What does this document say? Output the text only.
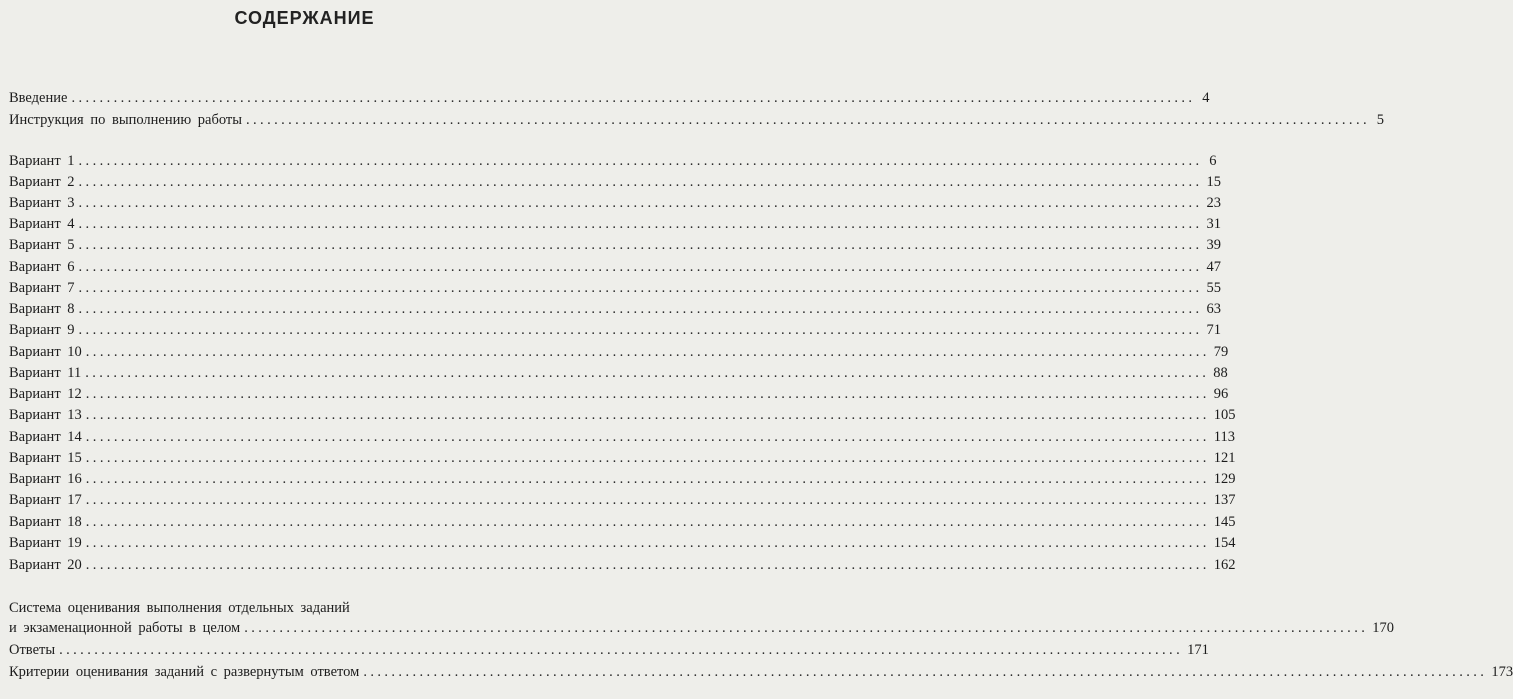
СОДЕРЖАНИЕ
Введение ................................................................................................................................................................ 4
Инструкция по выполнению работы ................................................................................................................................................................ 5
Вариант 1 ................................................................................................................................................................ 6
Вариант 2 ................................................................................................................................................................ 15
Вариант 3 ................................................................................................................................................................ 23
Вариант 4 ................................................................................................................................................................ 31
Вариант 5 ................................................................................................................................................................ 39
Вариант 6 ................................................................................................................................................................ 47
Вариант 7 ................................................................................................................................................................ 55
Вариант 8 ................................................................................................................................................................ 63
Вариант 9 ................................................................................................................................................................ 71
Вариант 10 ................................................................................................................................................................ 79
Вариант 11 ................................................................................................................................................................ 88
Вариант 12 ................................................................................................................................................................ 96
Вариант 13 ................................................................................................................................................................ 105
Вариант 14 ................................................................................................................................................................ 113
Вариант 15 ................................................................................................................................................................ 121
Вариант 16 ................................................................................................................................................................ 129
Вариант 17 ................................................................................................................................................................ 137
Вариант 18 ................................................................................................................................................................ 145
Вариант 19 ................................................................................................................................................................ 154
Вариант 20 ................................................................................................................................................................ 162
Система оценивания выполнения отдельных заданий
и экзаменационной работы в целом ................................................................................................................................................................ 170
Ответы ................................................................................................................................................................ 171
Критерии оценивания заданий с развернутым ответом ................................................................................................................................................................ 173
